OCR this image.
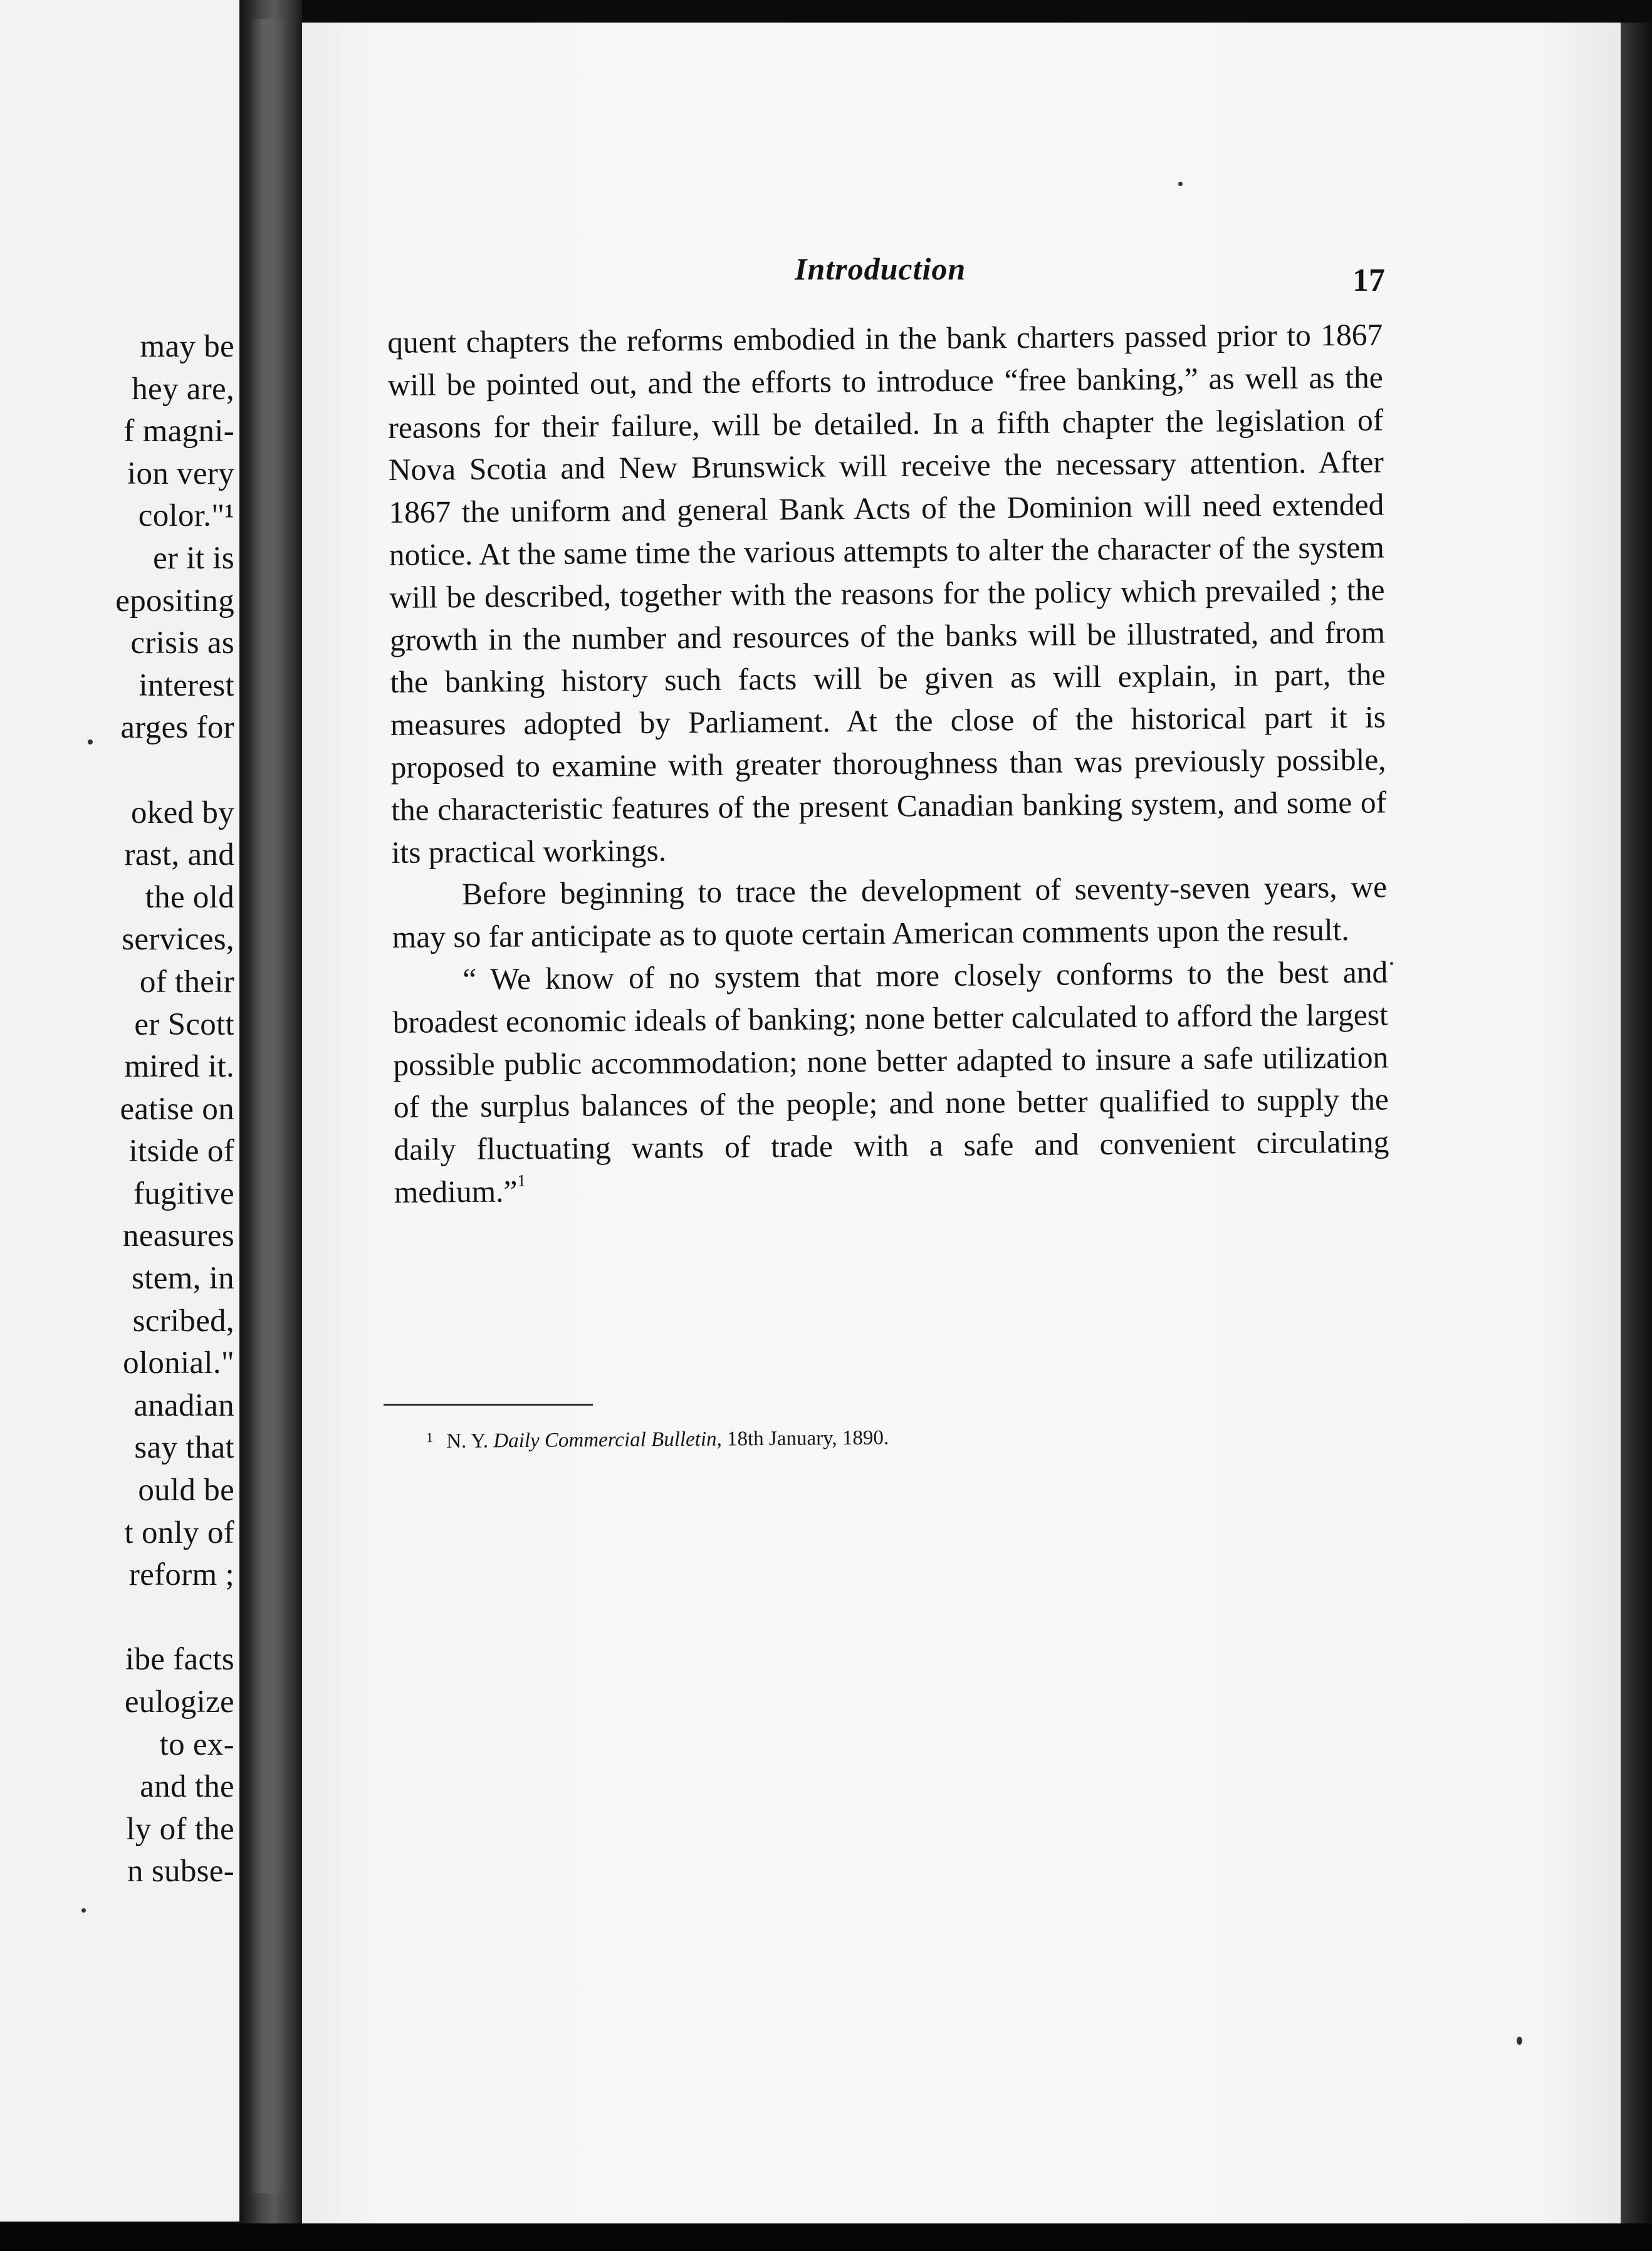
may be
hey are,
f magni-
ion very
color."¹
er it is
epositing
crisis as
interest
arges for
oked by
rast, and
the old
services,
of their
er Scott
mired it.
eatise on
itside of
fugitive
neasures
stem, in
scribed,
olonial."
anadian
say that
ould be
t only of
reform ;
ibe facts
eulogize
to ex-
and the
ly of the
n subse-
Introduction	17

quent chapters the reforms embodied in the bank charters passed prior to 1867 will be pointed out, and the efforts to introduce “free banking,” as well as the reasons for their failure, will be detailed. In a fifth chapter the legislation of Nova Scotia and New Brunswick will receive the necessary attention. After 1867 the uniform and general Bank Acts of the Dominion will need extended notice. At the same time the various attempts to alter the character of the system will be described, together with the reasons for the policy which prevailed ; the growth in the number and resources of the banks will be illustrated, and from the banking history such facts will be given as will explain, in part, the measures adopted by Parliament. At the close of the historical part it is proposed to examine with greater thoroughness than was previously possible, the characteristic features of the present Canadian banking system, and some of its practical workings.

Before beginning to trace the development of seventy-seven years, we may so far anticipate as to quote certain American comments upon the result.

“ We know of no system that more closely conforms to the best and broadest economic ideals of banking; none better calculated to afford the largest possible public accommodation; none better adapted to insure a safe utilization of the surplus balances of the people; and none better qualified to supply the daily fluctuating wants of trade with a safe and convenient circulating medium.”$^1$

1 N. Y. Daily Commercial Bulletin, 18th January, 1890.
